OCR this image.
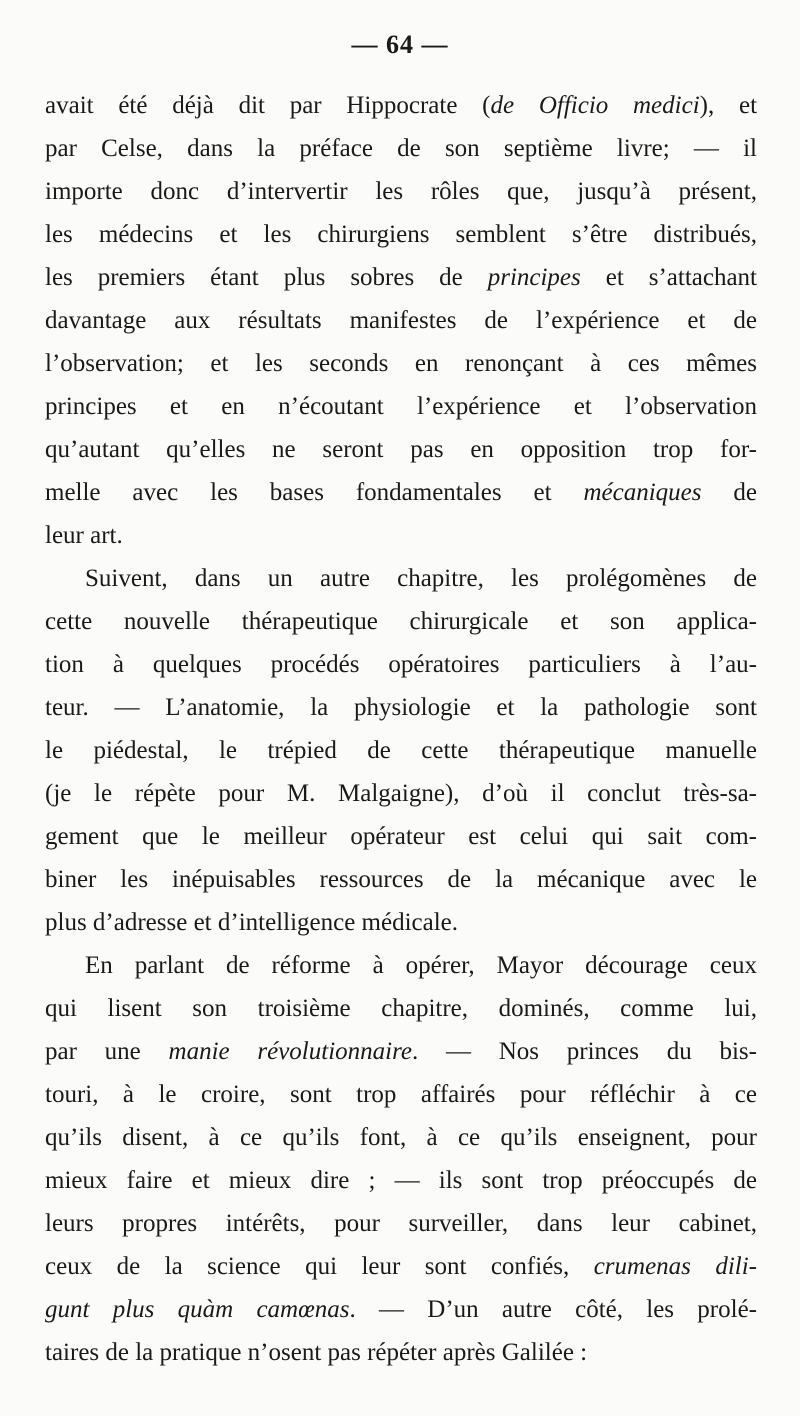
— 64 —
avait été déjà dit par Hippocrate (de Officio medici), et
par Celse, dans la préface de son septième livre; — il
importe donc d’intervertir les rôles que, jusqu’à présent,
les médecins et les chirurgiens semblent s’être distribués,
les premiers étant plus sobres de principes et s’attachant
davantage aux résultats manifestes de l’expérience et de
l’observation; et les seconds en renonçant à ces mêmes
principes et en n’écoutant l’expérience et l’observation
qu’autant qu’elles ne seront pas en opposition trop for-
melle avec les bases fondamentales et mécaniques de
leur art.
Suivent, dans un autre chapitre, les prolégomènes de
cette nouvelle thérapeutique chirurgicale et son applica-
tion à quelques procédés opératoires particuliers à l’au-
teur. — L’anatomie, la physiologie et la pathologie sont
le piédestal, le trépied de cette thérapeutique manuelle
(je le répète pour M. Malgaigne), d’où il conclut très-sa-
gement que le meilleur opérateur est celui qui sait com-
biner les inépuisables ressources de la mécanique avec le
plus d’adresse et d’intelligence médicale.
En parlant de réforme à opérer, Mayor décourage ceux
qui lisent son troisième chapitre, dominés, comme lui,
par une manie révolutionnaire. — Nos princes du bis-
touri, à le croire, sont trop affairés pour réfléchir à ce
qu’ils disent, à ce qu’ils font, à ce qu’ils enseignent, pour
mieux faire et mieux dire ; — ils sont trop préoccupés de
leurs propres intérêts, pour surveiller, dans leur cabinet,
ceux de la science qui leur sont confiés, crumenas dili-
gunt plus quàm camœnas. — D’un autre côté, les prolé-
taires de la pratique n’osent pas répéter après Galilée :
